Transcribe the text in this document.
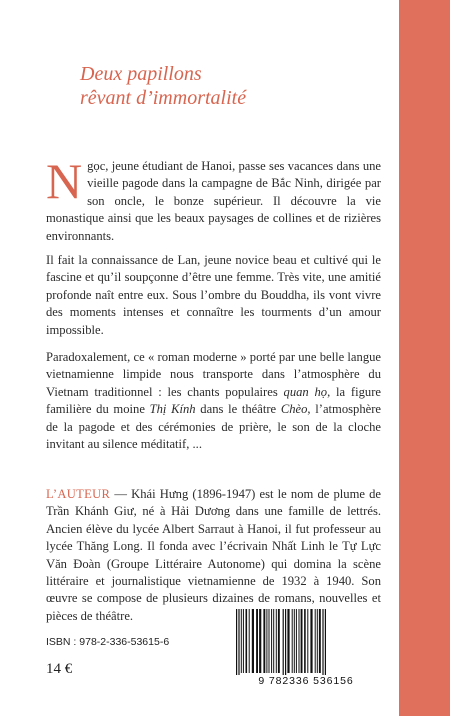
Deux papillons
rêvant d’immortalité

Ngọc, jeune étudiant de Hanoi, passe ses vacances dans une vieille pagode dans la campagne de Bắc Ninh, dirigée par son oncle, le bonze supérieur. Il découvre la vie monastique ainsi que les beaux paysages de collines et de rizières environnants.

Il fait la connaissance de Lan, jeune novice beau et cultivé qui le fascine et qu’il soupçonne d’être une femme. Très vite, une amitié profonde naît entre eux. Sous l’ombre du Bouddha, ils vont vivre des moments intenses et connaître les tourments d’un amour impossible.

Paradoxalement, ce « roman moderne » porté par une belle langue vietnamienne limpide nous transporte dans l’atmosphère du Vietnam traditionnel : les chants populaires quan họ, la figure familière du moine Thị Kính dans le théâtre Chèo, l’atmosphère de la pagode et des cérémonies de prière, le son de la cloche invitant au silence méditatif, ...

L’AUTEUR — Khái Hưng (1896-1947) est le nom de plume de Trần Khánh Giư, né à Hải Dương dans une famille de lettrés. Ancien élève du lycée Albert Sarraut à Hanoi, il fut professeur au lycée Thăng Long. Il fonda avec l’écrivain Nhất Linh le Tự Lực Văn Đoàn (Groupe Littéraire Autonome) qui domina la scène littéraire et journalistique vietnamienne de 1932 à 1940. Son œuvre se compose de plusieurs dizaines de romans, nouvelles et pièces de théâtre.

ISBN : 978-2-336-53615-6
14 €
9 782336 536156
